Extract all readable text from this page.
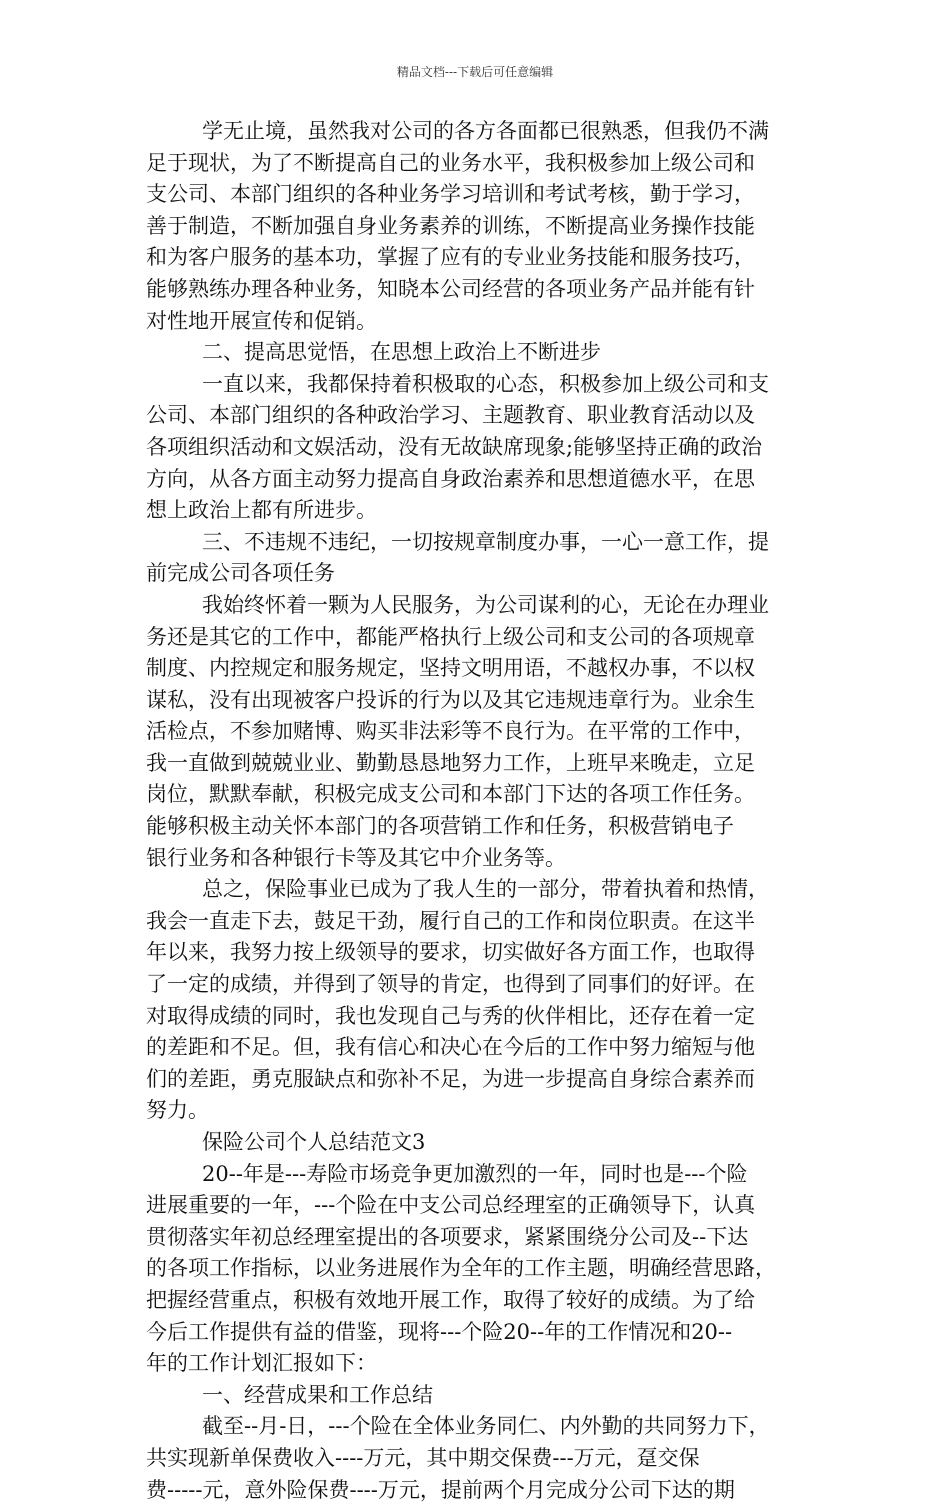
精品文档---下载后可任意编辑
学无止境，虽然我对公司的各方各面都已很熟悉，但我仍不满
足于现状，为了不断提高自己的业务水平，我积极参加上级公司和
支公司、本部门组织的各种业务学习培训和考试考核，勤于学习，
善于制造，不断加强自身业务素养的训练，不断提高业务操作技能
和为客户服务的基本功，掌握了应有的专业业务技能和服务技巧，
能够熟练办理各种业务，知晓本公司经营的各项业务产品并能有针
对性地开展宣传和促销。
二、提高思觉悟，在思想上政治上不断进步
一直以来，我都保持着积极取的心态，积极参加上级公司和支
公司、本部门组织的各种政治学习、主题教育、职业教育活动以及
各项组织活动和文娱活动，没有无故缺席现象;能够坚持正确的政治
方向，从各方面主动努力提高自身政治素养和思想道德水平，在思
想上政治上都有所进步。
三、不违规不违纪，一切按规章制度办事，一心一意工作，提
前完成公司各项任务
我始终怀着一颗为人民服务，为公司谋利的心，无论在办理业
务还是其它的工作中，都能严格执行上级公司和支公司的各项规章
制度、内控规定和服务规定，坚持文明用语，不越权办事，不以权
谋私，没有出现被客户投诉的行为以及其它违规违章行为。业余生
活检点，不参加赌博、购买非法彩等不良行为。在平常的工作中，
我一直做到兢兢业业、勤勤恳恳地努力工作，上班早来晚走，立足
岗位，默默奉献，积极完成支公司和本部门下达的各项工作任务。
能够积极主动关怀本部门的各项营销工作和任务，积极营销电子
银行业务和各种银行卡等及其它中介业务等。
总之，保险事业已成为了我人生的一部分，带着执着和热情，
我会一直走下去，鼓足干劲，履行自己的工作和岗位职责。在这半
年以来，我努力按上级领导的要求，切实做好各方面工作，也取得
了一定的成绩，并得到了领导的肯定，也得到了同事们的好评。在
对取得成绩的同时，我也发现自己与秀的伙伴相比，还存在着一定
的差距和不足。但，我有信心和决心在今后的工作中努力缩短与他
们的差距，勇克服缺点和弥补不足，为进一步提高自身综合素养而
努力。
保险公司个人总结范文3
20--年是---寿险市场竞争更加激烈的一年，同时也是---个险
进展重要的一年，---个险在中支公司总经理室的正确领导下，认真
贯彻落实年初总经理室提出的各项要求，紧紧围绕分公司及--下达
的各项工作指标，以业务进展作为全年的工作主题，明确经营思路，
把握经营重点，积极有效地开展工作，取得了较好的成绩。为了给
今后工作提供有益的借鉴，现将---个险20--年的工作情况和20--
年的工作计划汇报如下：
一、经营成果和工作总结
截至--月-日，---个险在全体业务同仁、内外勤的共同努力下，
共实现新单保费收入----万元，其中期交保费---万元，趸交保
费-----元，意外险保费----万元，提前两个月完成分公司下达的期
